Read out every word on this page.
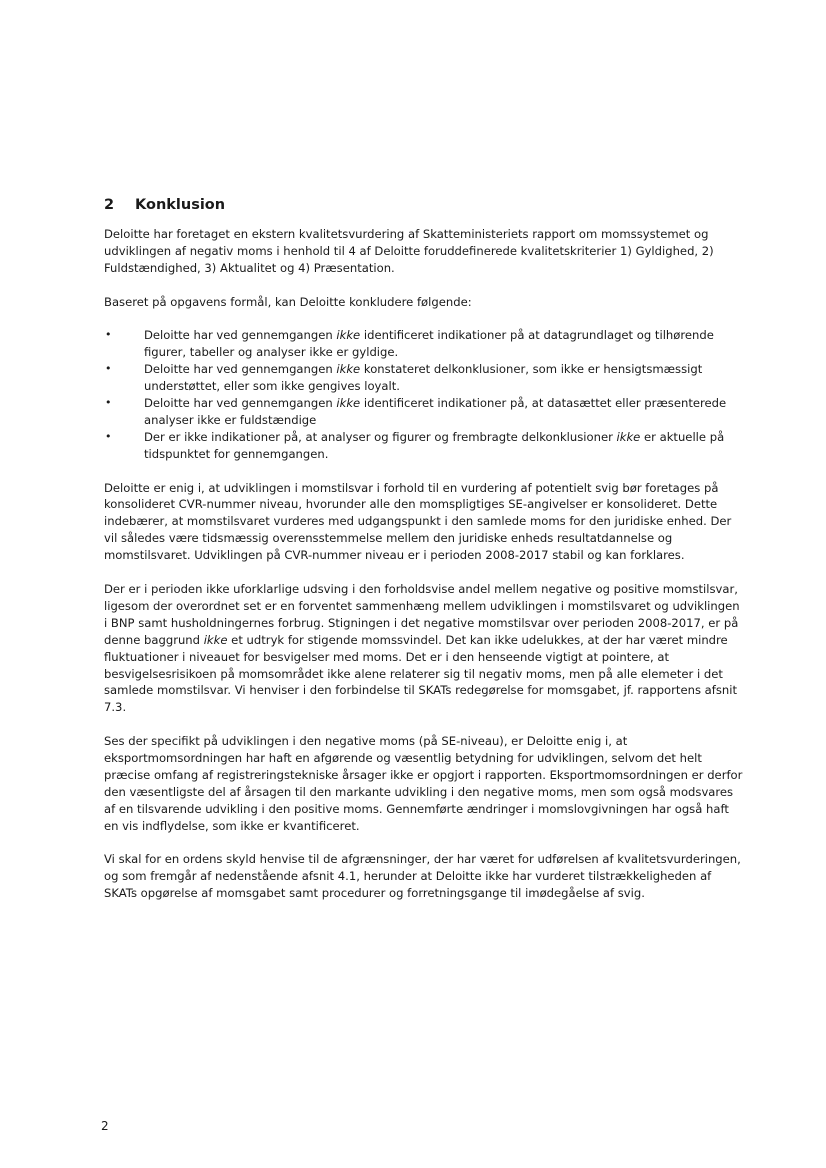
2 Konklusion

Deloitte har foretaget en ekstern kvalitetsvurdering af Skatteministeriets rapport om momssystemet og udviklingen af negativ moms i henhold til 4 af Deloitte foruddefinerede kvalitetskriterier 1) Gyldighed, 2) Fuldstændighed, 3) Aktualitet og 4) Præsentation.

Baseret på opgavens formål, kan Deloitte konkludere følgende:

•	Deloitte har ved gennemgangen ikke identificeret indikationer på at datagrundlaget og tilhørende figurer, tabeller og analyser ikke er gyldige.
•	Deloitte har ved gennemgangen ikke konstateret delkonklusioner, som ikke er hensigtsmæssigt understøttet, eller som ikke gengives loyalt.
•	Deloitte har ved gennemgangen ikke identificeret indikationer på, at datasættet eller præsenterede analyser ikke er fuldstændige
•	Der er ikke indikationer på, at analyser og figurer og frembragte delkonklusioner ikke er aktuelle på tidspunktet for gennemgangen.

Deloitte er enig i, at udviklingen i momstilsvar i forhold til en vurdering af potentielt svig bør foretages på konsolideret CVR-nummer niveau, hvorunder alle den momspligtiges SE-angivelser er konsolideret. Dette indebærer, at momstilsvaret vurderes med udgangspunkt i den samlede moms for den juridiske enhed. Der vil således være tidsmæssig overensstemmelse mellem den juridiske enheds resultatdannelse og momstilsvaret. Udviklingen på CVR-nummer niveau er i perioden 2008-2017 stabil og kan forklares.

Der er i perioden ikke uforklarlige udsving i den forholdsvise andel mellem negative og positive momstilsvar, ligesom der overordnet set er en forventet sammenhæng mellem udviklingen i momstilsvaret og udviklingen i BNP samt husholdningernes forbrug. Stigningen i det negative momstilsvar over perioden 2008-2017, er på denne baggrund ikke et udtryk for stigende momssvindel. Det kan ikke udelukkes, at der har været mindre fluktuationer i niveauet for besvigelser med moms. Det er i den henseende vigtigt at pointere, at besvigelsesrisikoen på momsområdet ikke alene relaterer sig til negativ moms, men på alle elemeter i det samlede momstilsvar. Vi henviser i den forbindelse til SKATs redegørelse for momsgabet, jf. rapportens afsnit 7.3.

Ses der specifikt på udviklingen i den negative moms (på SE-niveau), er Deloitte enig i, at eksportmomsordningen har haft en afgørende og væsentlig betydning for udviklingen, selvom det helt præcise omfang af registreringstekniske årsager ikke er opgjort i rapporten. Eksportmomsordningen er derfor den væsentligste del af årsagen til den markante udvikling i den negative moms, men som også modsvares af en tilsvarende udvikling i den positive moms. Gennemførte ændringer i momslovgivningen har også haft en vis indflydelse, som ikke er kvantificeret.

Vi skal for en ordens skyld henvise til de afgrænsninger, der har været for udførelsen af kvalitetsvurderingen, og som fremgår af nedenstående afsnit 4.1, herunder at Deloitte ikke har vurderet tilstrækkeligheden af SKATs opgørelse af momsgabet samt procedurer og forretningsgange til imødegåelse af svig.

2
